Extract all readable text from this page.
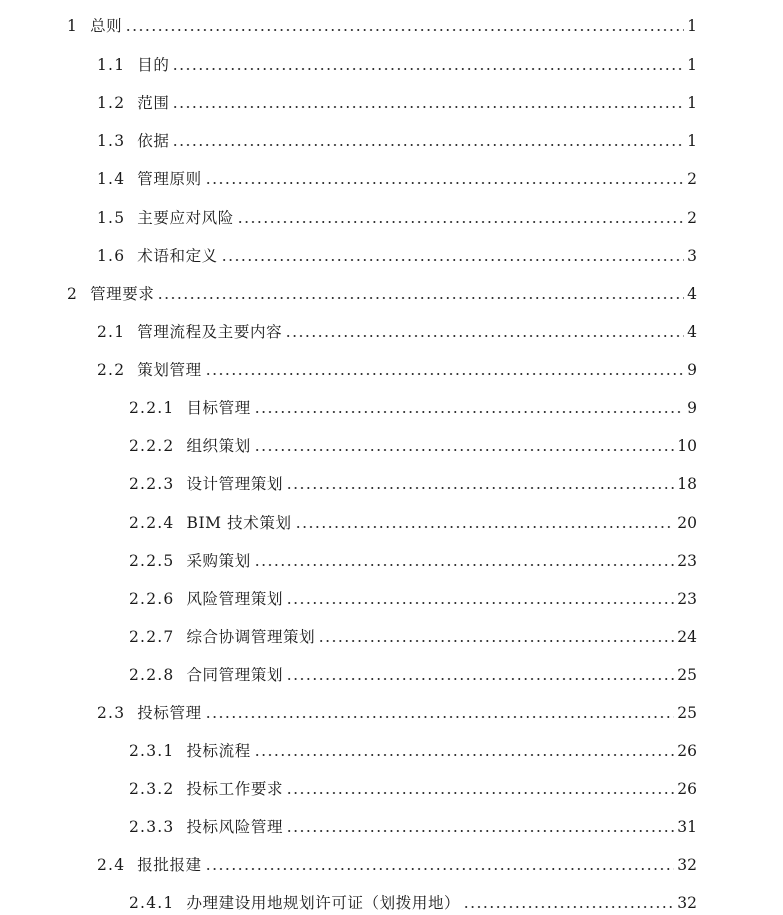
1 总则	1
1.1 目的	1
1.2 范围	1
1.3 依据	1
1.4 管理原则	2
1.5 主要应对风险	2
1.6 术语和定义	3
2 管理要求	4
2.1 管理流程及主要内容	4
2.2 策划管理	9
2.2.1 目标管理	9
2.2.2 组织策划	10
2.2.3 设计管理策划	18
2.2.4 BIM 技术策划	20
2.2.5 采购策划	23
2.2.6 风险管理策划	23
2.2.7 综合协调管理策划	24
2.2.8 合同管理策划	25
2.3 投标管理	25
2.3.1 投标流程	26
2.3.2 投标工作要求	26
2.3.3 投标风险管理	31
2.4 报批报建	32
2.4.1 办理建设用地规划许可证（划拨用地）	32
